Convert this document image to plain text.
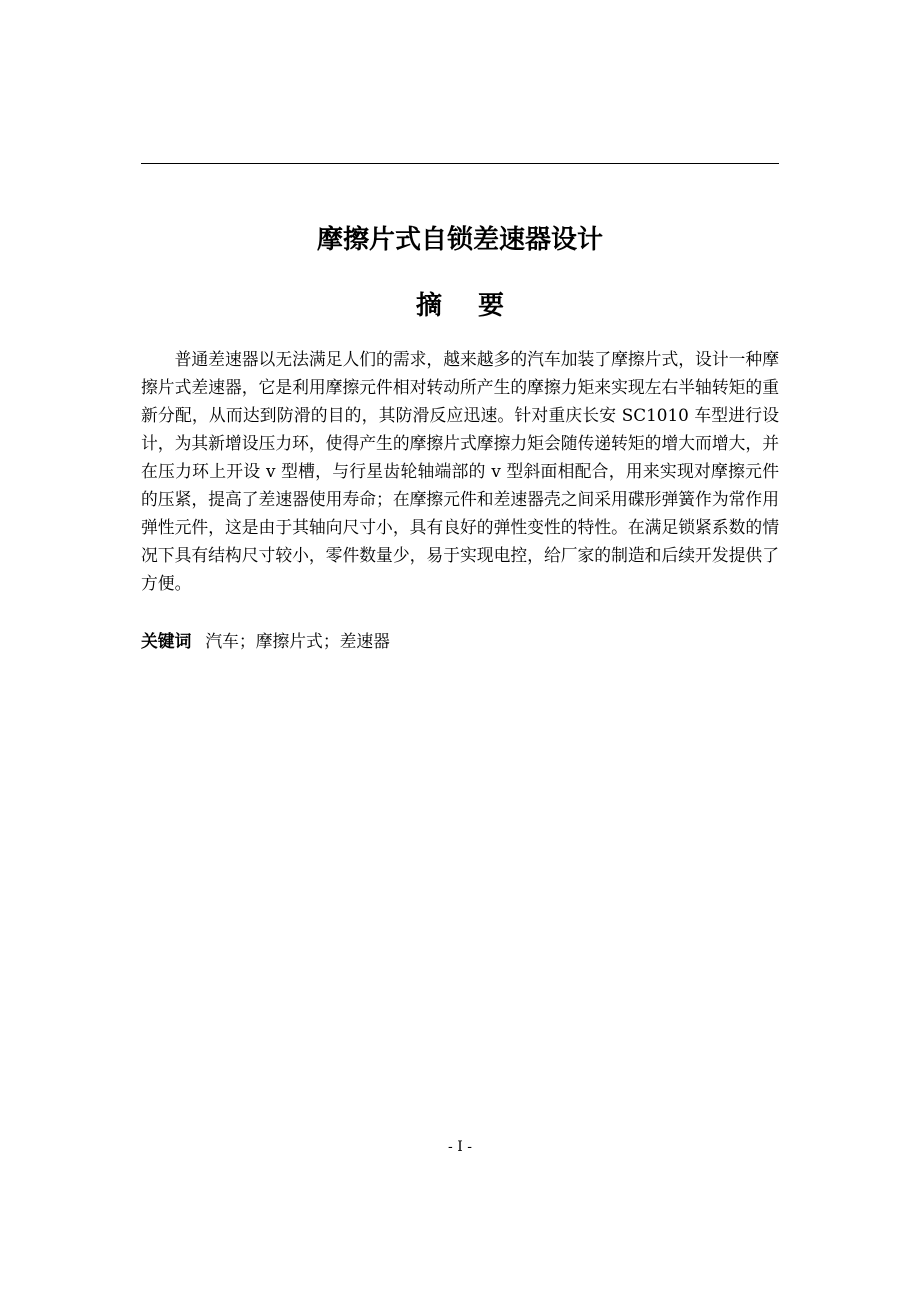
摩擦片式自锁差速器设计
摘要

普通差速器以无法满足人们的需求，越来越多的汽车加装了摩擦片式，设计一种摩擦片式差速器，它是利用摩擦元件相对转动所产生的摩擦力矩来实现左右半轴转矩的重新分配，从而达到防滑的目的，其防滑反应迅速。针对重庆长安 SC1010 车型进行设计，为其新增设压力环，使得产生的摩擦片式摩擦力矩会随传递转矩的增大而增大，并在压力环上开设 v 型槽，与行星齿轮轴端部的 v 型斜面相配合，用来实现对摩擦元件的压紧，提高了差速器使用寿命；在摩擦元件和差速器壳之间采用碟形弹簧作为常作用弹性元件，这是由于其轴向尺寸小，具有良好的弹性变性的特性。在满足锁紧系数的情况下具有结构尺寸较小，零件数量少，易于实现电控，给厂家的制造和后续开发提供了方便。

关键词 汽车；摩擦片式；差速器

- I -
